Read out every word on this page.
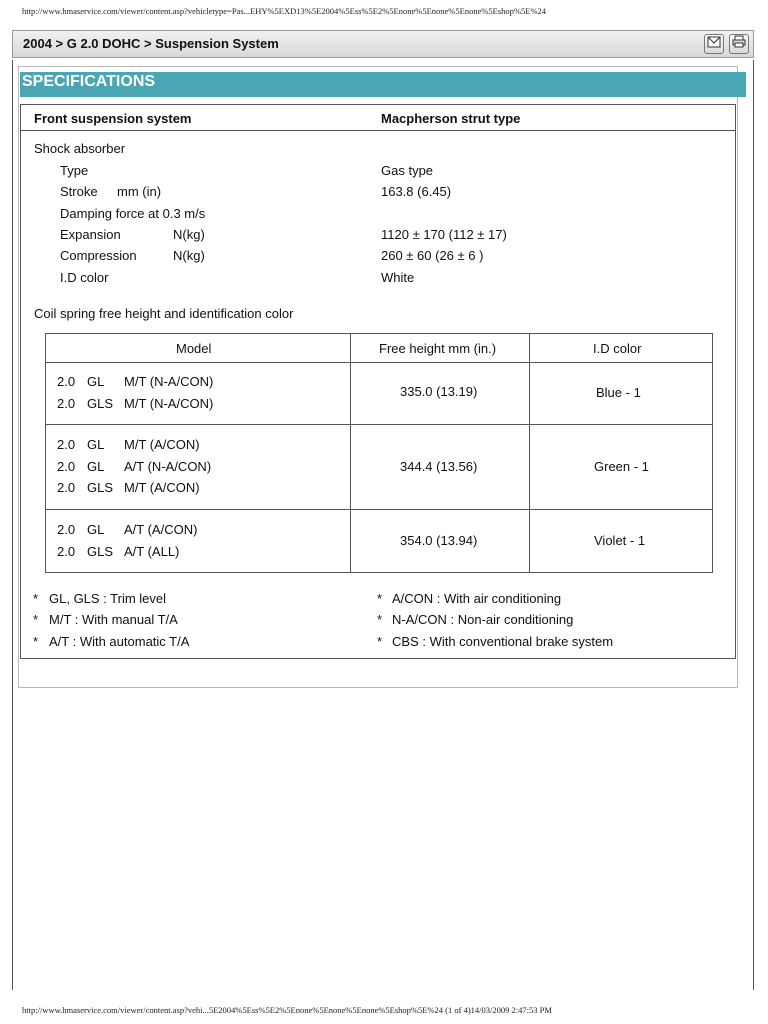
http://www.hmaservice.com/viewer/content.asp?vehicletype=Pas...EHY%5EXD13%5E2004%5Ess%5E2%5Enone%5Enone%5Enone%5Eshop%5E%24
2004 > G 2.0 DOHC > Suspension System
SPECIFICATIONS
Front suspension system	Macpherson strut type
Shock absorber
Type	Gas type
Stroke mm (in)	163.8 (6.45)
Damping force at 0.3 m/s
Expansion	N(kg)	1120 ± 170 (112 ± 17)
Compression	N(kg)	260 ± 60 (26 ± 6 )
I.D color	White
Coil spring free height and identification color
Model	Free height mm (in.)	I.D color
2.0 GL M/T (N-A/CON)
2.0 GLS M/T (N-A/CON)
335.0 (13.19)	Blue - 1
2.0 GL M/T (A/CON)
2.0 GL A/T (N-A/CON)
2.0 GLS M/T (A/CON)
344.4 (13.56)	Green - 1
2.0 GL A/T (A/CON)
2.0 GLS A/T (ALL)
354.0 (13.94)	Violet - 1
* GL, GLS : Trim level
* M/T : With manual T/A
* A/T : With automatic T/A
* A/CON : With air conditioning
* N-A/CON : Non-air conditioning
* CBS : With conventional brake system
http://www.hmaservice.com/viewer/content.asp?vehi...5E2004%5Ess%5E2%5Enone%5Enone%5Enone%5Eshop%5E%24 (1 of 4)14/03/2009 2:47:53 PM
